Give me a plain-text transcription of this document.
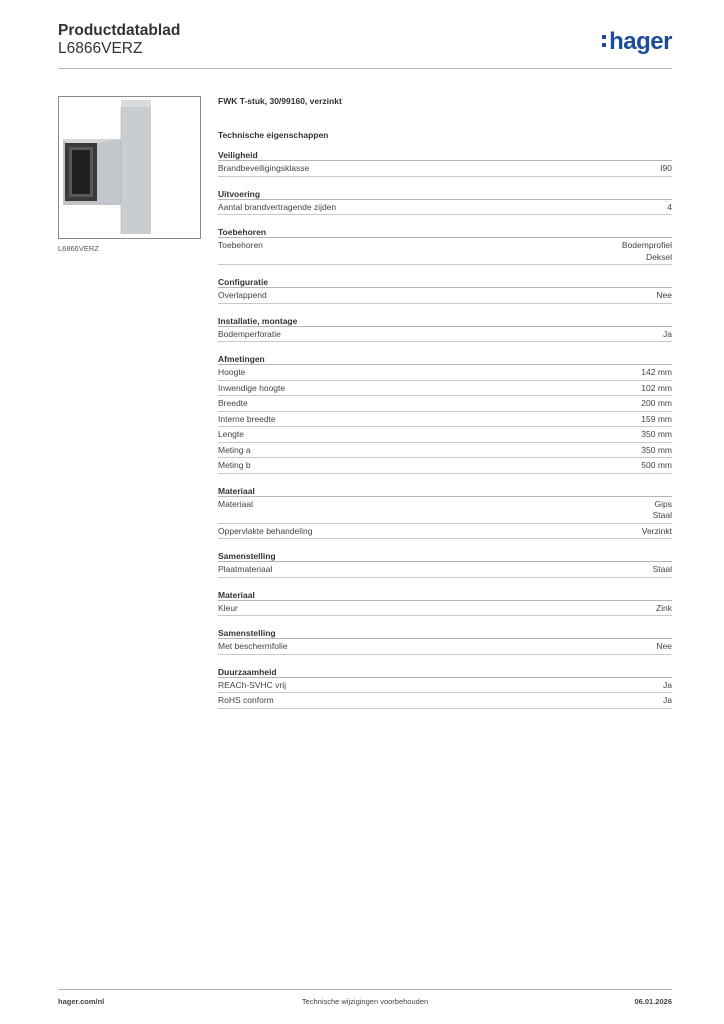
Productdatablad
L6866VERZ	hager
L6866VERZ
FWK T-stuk, 30/99160, verzinkt
Technische eigenschappen
Veiligheid
Brandbeveiligingsklasse	I90
Uitvoering
Aantal brandvertragende zijden	4
Toebehoren
Toebehoren	Bodemprofiel
Deksel
Configuratie
Overlappend	Nee
Installatie, montage
Bodemperforatie	Ja
Afmetingen
Hoogte	142 mm
Inwendige hoogte	102 mm
Breedte	200 mm
Interne breedte	159 mm
Lengte	350 mm
Meting a	350 mm
Meting b	500 mm
Materiaal
Materiaal	Gips
Staal
Oppervlakte behandeling	Verzinkt
Samenstelling
Plaatmateriaal	Staal
Materiaal
Kleur	Zink
Samenstelling
Met beschermfolie	Nee
Duurzaamheid
REACh-SVHC vrij	Ja
RoHS conform	Ja
hager.com/nl	Technische wijzigingen voorbehouden	06.01.2026
